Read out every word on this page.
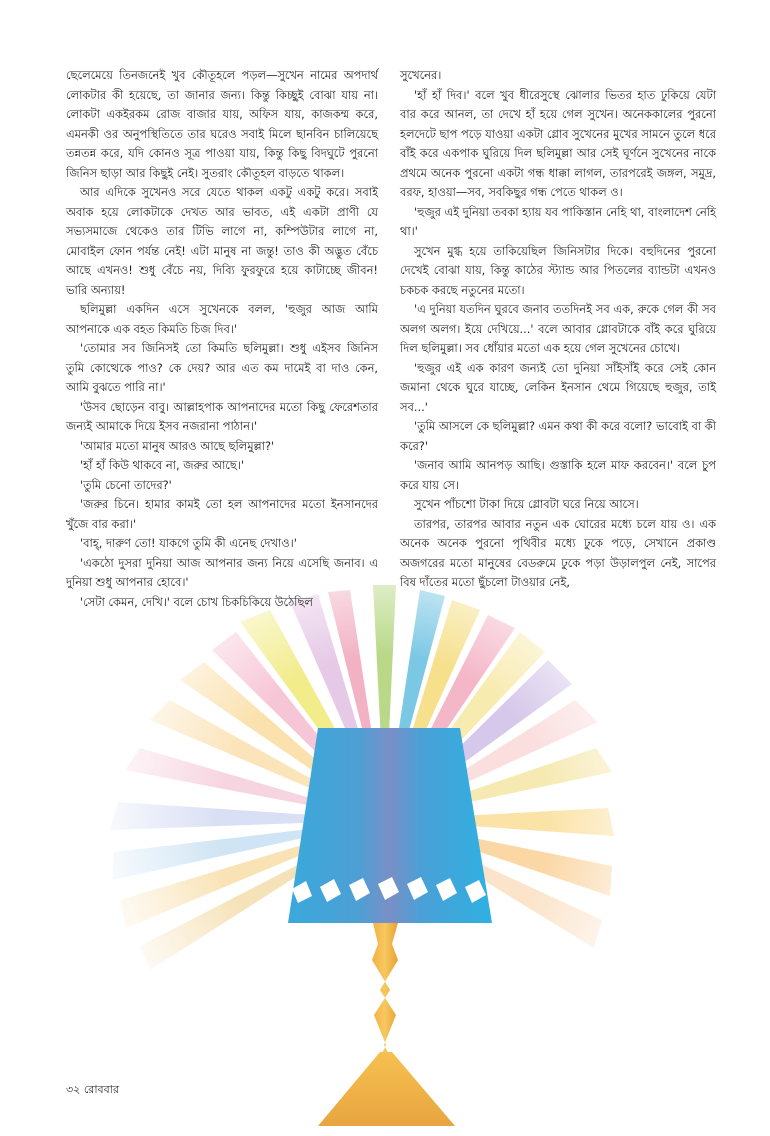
ছেলেমেয়ে তিনজনেই খুব কৌতূহলে পড়ল—সুখেন নামের অপদার্থ লোকটার কী হয়েছে, তা জানার জন্য। কিন্তু কিচ্ছুই বোঝা যায় না। লোকটা একইরকম রোজ বাজার যায়, অফিস যায়, কাজকম্ম করে, এমনকী ওর অনুপস্থিতিতে তার ঘরেও সবাই মিলে ছানবিন চালিয়েছে তন্নতন্ন করে, যদি কোনও সূত্র পাওয়া যায়, কিন্তু কিছু বিদঘুটে পুরনো জিনিস ছাড়া আর কিছুই নেই। সুতরাং কৌতূহল বাড়তে থাকল।

আর এদিকে সুখেনও সরে যেতে থাকল একটু একটু করে। সবাই অবাক হয়ে লোকটাকে দেখত আর ভাবত, এই একটা প্রাণী যে সভ্যসমাজে থেকেও তার টিভি লাগে না, কম্পিউটার লাগে না, মোবাইল ফোন পর্যন্ত নেই! এটা মানুষ না জন্তু! তাও কী অদ্ভুত বেঁচে আছে এখনও! শুধু বেঁচে নয়, দিব্যি ফুরফুরে হয়ে কাটাচ্ছে জীবন! ভারি অন্যায়!

ছলিমুল্লা একদিন এসে সুখেনকে বলল, 'হুজুর আজ আমি আপনাকে এক বহত কিমতি চিজ দিব।'

'তোমার সব জিনিসই তো কিমতি ছলিমুল্লা। শুধু এইসব জিনিস তুমি কোত্থেকে পাও? কে দেয়? আর এত কম দামেই বা দাও কেন, আমি বুঝতে পারি না।'

'উসব ছোড়েন বাবু। আল্লাহপাক আপনাদের মতো কিছু ফেরেশতার জন্যই আমাকে দিয়ে ইসব নজরানা পাঠান।'

'আমার মতো মানুষ আরও আছে ছলিমুল্লা?'

'হাঁ হাঁ কিউ থাকবে না, জরুর আছে।'

'তুমি চেনো তাদের?'

'জরুর চিনে। হামার কামই তো হল আপনাদের মতো ইনসানদের খুঁজে বার করা।'

'বাহ্, দারুণ তো! যাকগে তুমি কী এনেছ দেখাও।'

'একঠো দুসরা দুনিয়া আজ আপনার জন্য নিয়ে এসেছি জনাব। এ দুনিয়া শুধু আপনার হোবে।'

'সেটা কেমন, দেখি।' বলে চোখ চিকচিকিয়ে উঠেছিল

সুখেনের।

'হাঁ হাঁ দিব।' বলে খুব ধীরেসুস্থে ঝোলার ভিতর হাত ঢুকিয়ে যেটা বার করে আনল, তা দেখে হাঁ হয়ে গেল সুখেন। অনেককালের পুরনো হলদেটে ছাপ পড়ে যাওয়া একটা গ্লোব সুখেনের মুখের সামনে তুলে ধরে বাঁই করে একপাক ঘুরিয়ে দিল ছলিমুল্লা আর সেই ঘূর্ণনে সুখেনের নাকে প্রথমে অনেক পুরনো একটা গন্ধ ধাক্কা লাগল, তারপরেই জঙ্গল, সমুদ্র, বরফ, হাওয়া—সব, সবকিছুর গন্ধ পেতে থাকল ও।

'হুজুর এই দুনিয়া তবকা হ্যায় যব পাকিস্তান নেহি থা, বাংলাদেশ নেহি থা।'

সুখেন মুগ্ধ হয়ে তাকিয়েছিল জিনিসটার দিকে। বহুদিনের পুরনো দেখেই বোঝা যায়, কিন্তু কাঠের স্ট্যান্ড আর পিতলের ব্যান্ডটা এখনও চকচক করছে নতুনের মতো।

'এ দুনিয়া যতদিন ঘুরবে জনাব ততদিনই সব এক, রুকে গেল কী সব অলগ অলগ। ইয়ে দেখিয়ে...' বলে আবার গ্লোবটাকে বাঁই করে ঘুরিয়ে দিল ছলিমুল্লা। সব ধোঁয়ার মতো এক হয়ে গেল সুখেনের চোখে।

'হুজুর এই এক কারণ জন্যই তো দুনিয়া সাঁইসাঁই করে সেই কোন জমানা থেকে ঘুরে যাচ্ছে, লেকিন ইনসান থেমে গিয়েছে হুজুর, তাই সব...'

'তুমি আসলে কে ছলিমুল্লা? এমন কথা কী করে বলো? ভাবোই বা কী করে?'

'জনাব আমি আনপড় আছি। গুস্তাকি হলে মাফ করবেন।' বলে চুপ করে যায় সে।

সুখেন পাঁচশো টাকা দিয়ে গ্লোবটা ঘরে নিয়ে আসে।

তারপর, তারপর আবার নতুন এক ঘোরের মধ্যে চলে যায় ও। এক অনেক অনেক পুরনো পৃথিবীর মধ্যে ঢুকে পড়ে, সেখানে প্রকাণ্ড অজগরের মতো মানুষের বেডরুমে ঢুকে পড়া উড়ালপুল নেই, সাপের বিষ দাঁতের মতো ছুঁচলো টাওয়ার নেই,

৩২ রোববার
